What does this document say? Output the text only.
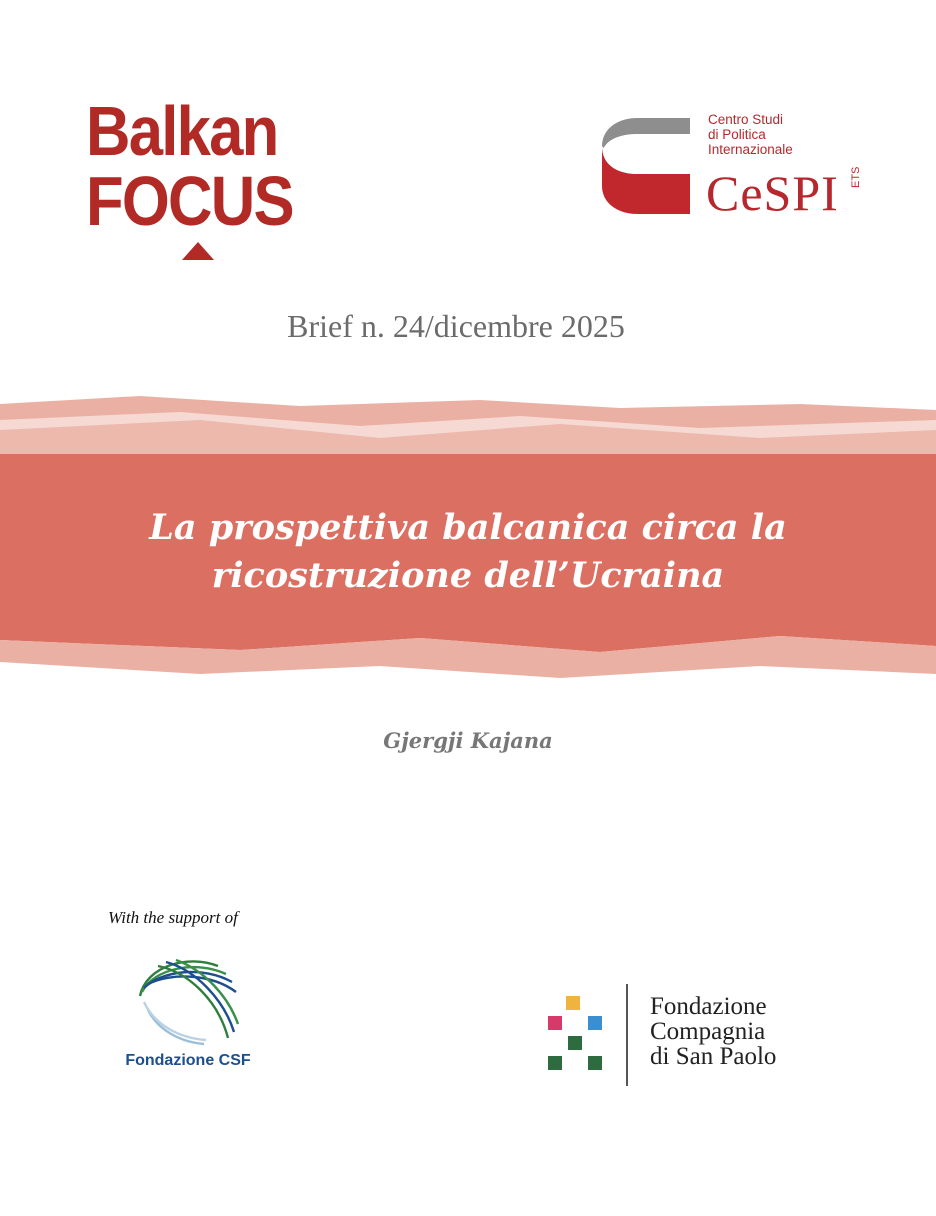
Balkan
FOCUS
Centro Studi
di Politica
Internazionale
CeSPI ETS
Brief n. 24/dicembre 2025
La prospettiva balcanica circa la
ricostruzione dell’Ucraina
Gjergji Kajana
With the support of
Fondazione CSF
Fondazione
Compagnia
di San Paolo
